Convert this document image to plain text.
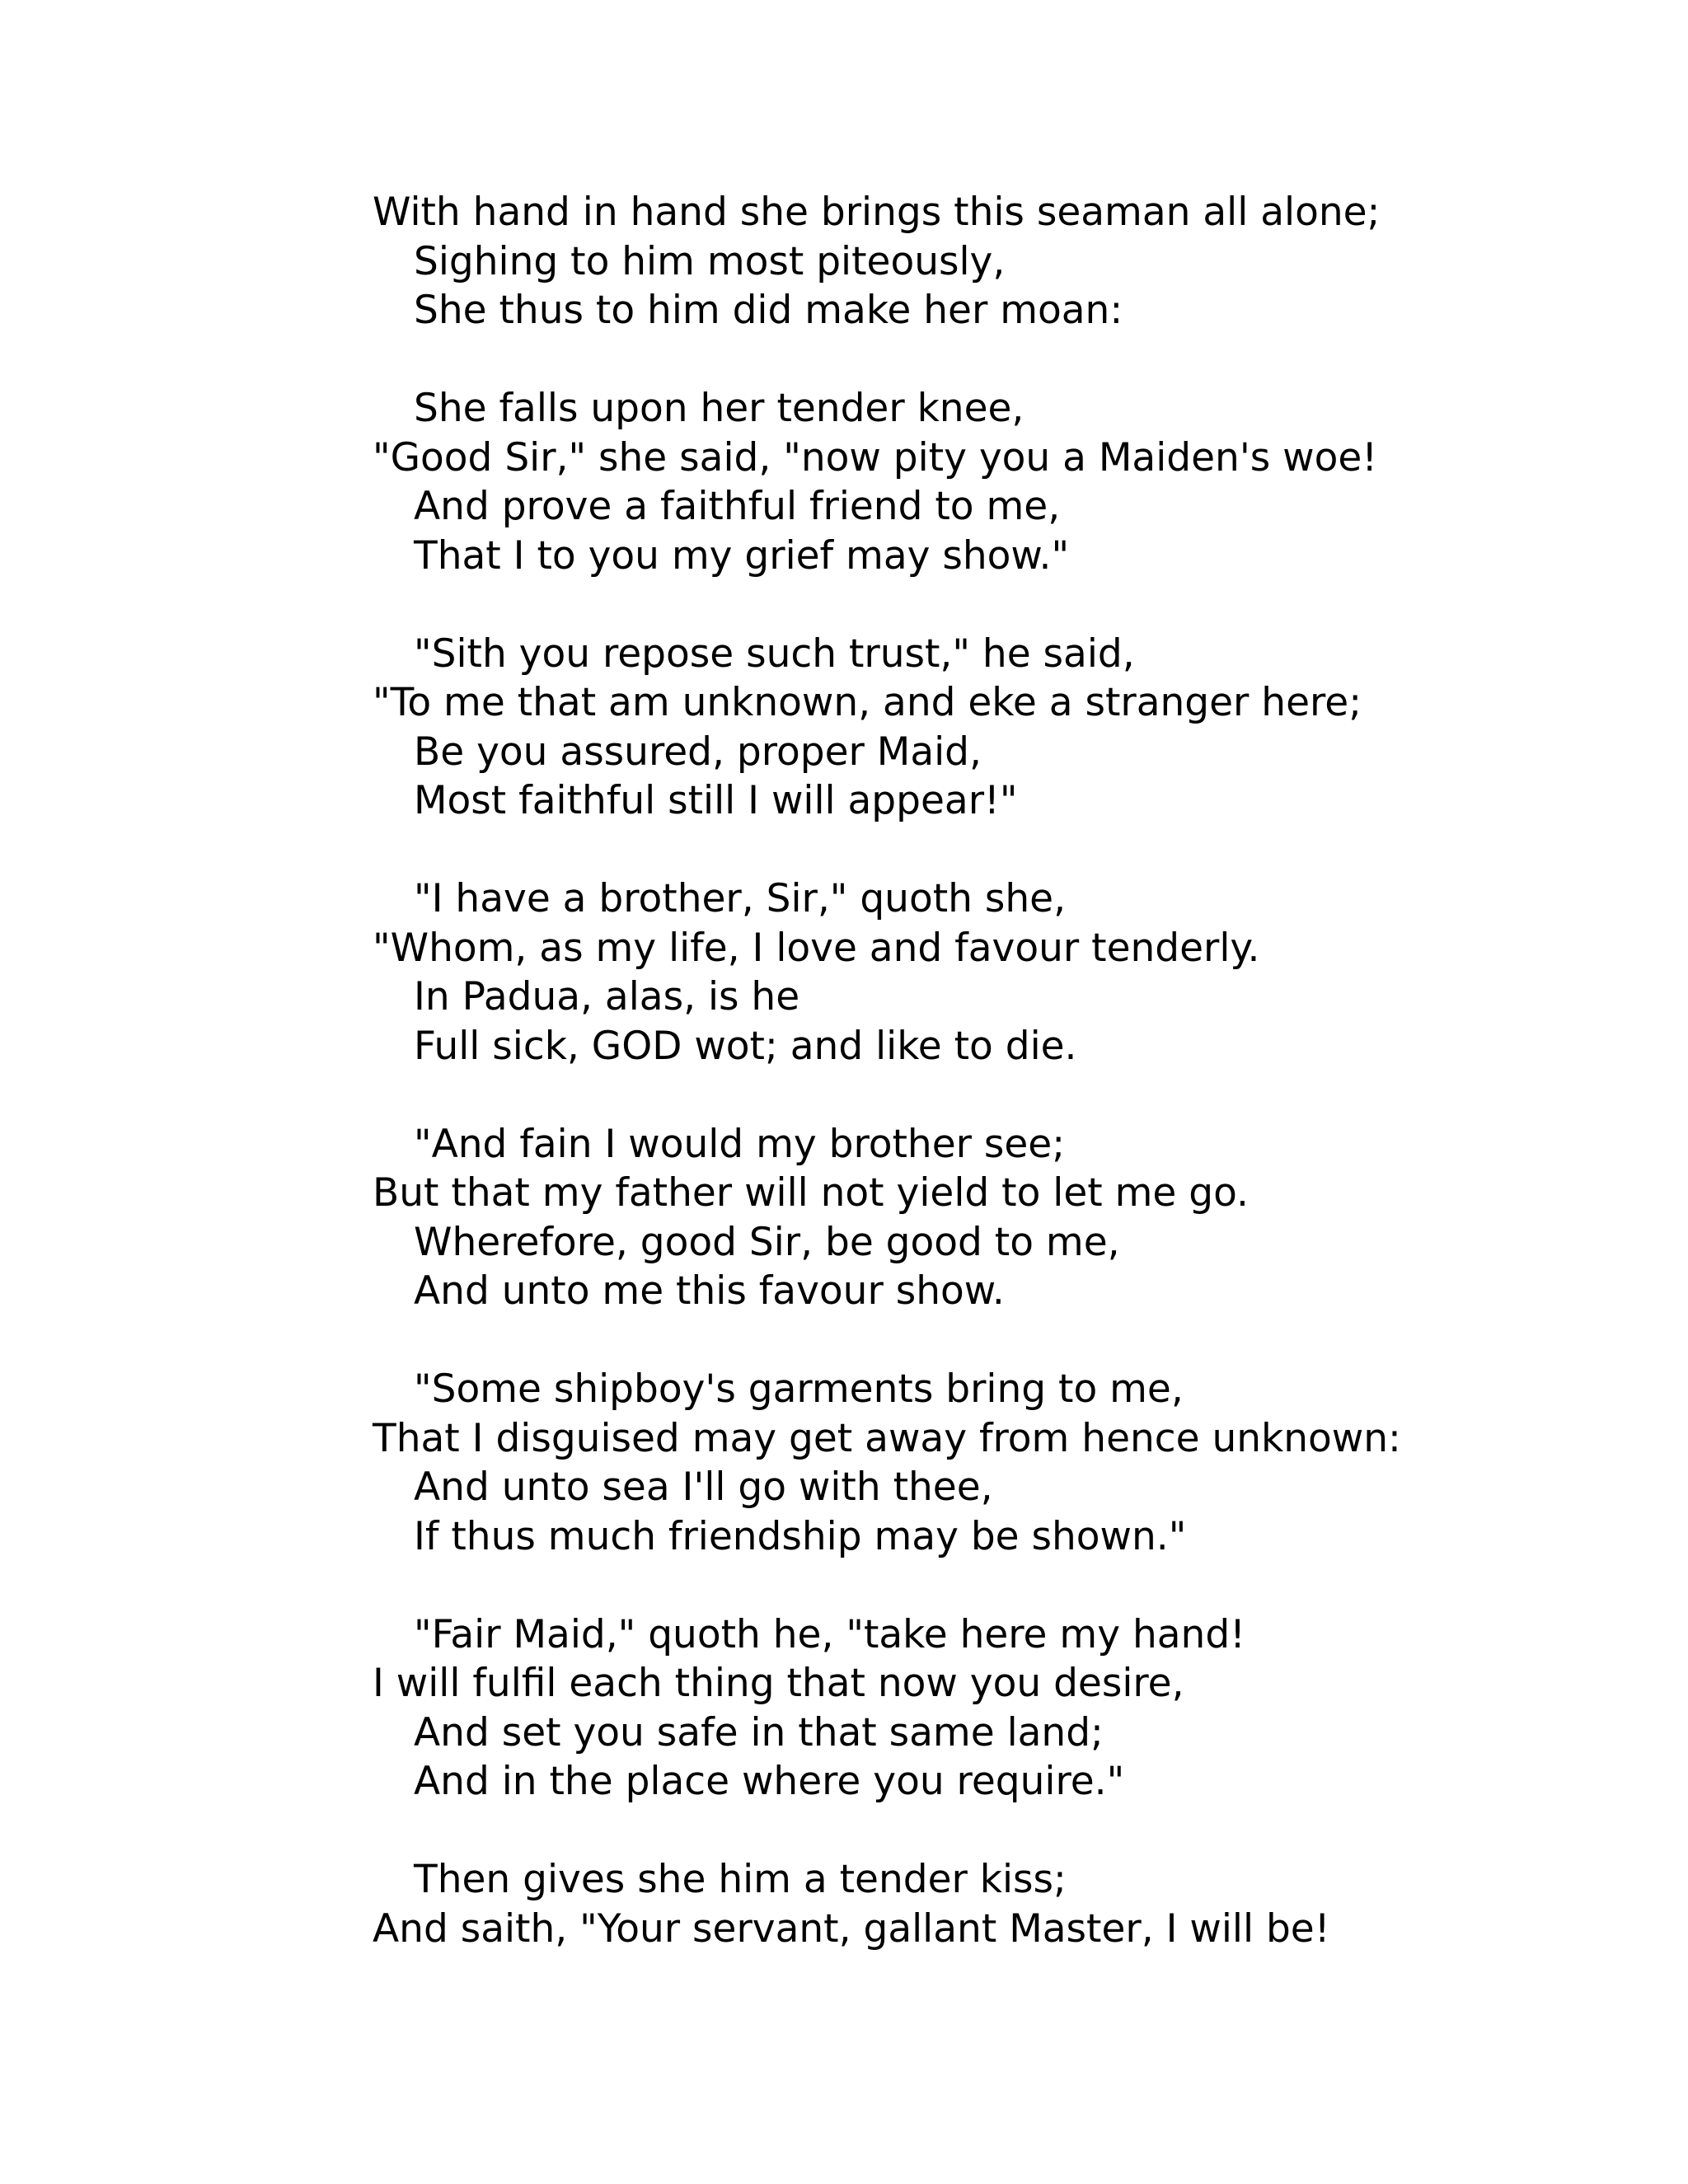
With hand in hand she brings this seaman all alone;
Sighing to him most piteously,
She thus to him did make her moan:
She falls upon her tender knee,
"Good Sir," she said, "now pity you a Maiden's woe!
And prove a faithful friend to me,
That I to you my grief may show."
"Sith you repose such trust," he said,
"To me that am unknown, and eke a stranger here;
Be you assured, proper Maid,
Most faithful still I will appear!"
"I have a brother, Sir," quoth she,
"Whom, as my life, I love and favour tenderly.
In Padua, alas, is he
Full sick, GOD wot; and like to die.
"And fain I would my brother see;
But that my father will not yield to let me go.
Wherefore, good Sir, be good to me,
And unto me this favour show.
"Some shipboy's garments bring to me,
That I disguised may get away from hence unknown:
And unto sea I'll go with thee,
If thus much friendship may be shown."
"Fair Maid," quoth he, "take here my hand!
I will fulfil each thing that now you desire,
And set you safe in that same land;
And in the place where you require."
Then gives she him a tender kiss;
And saith, "Your servant, gallant Master, I will be!
